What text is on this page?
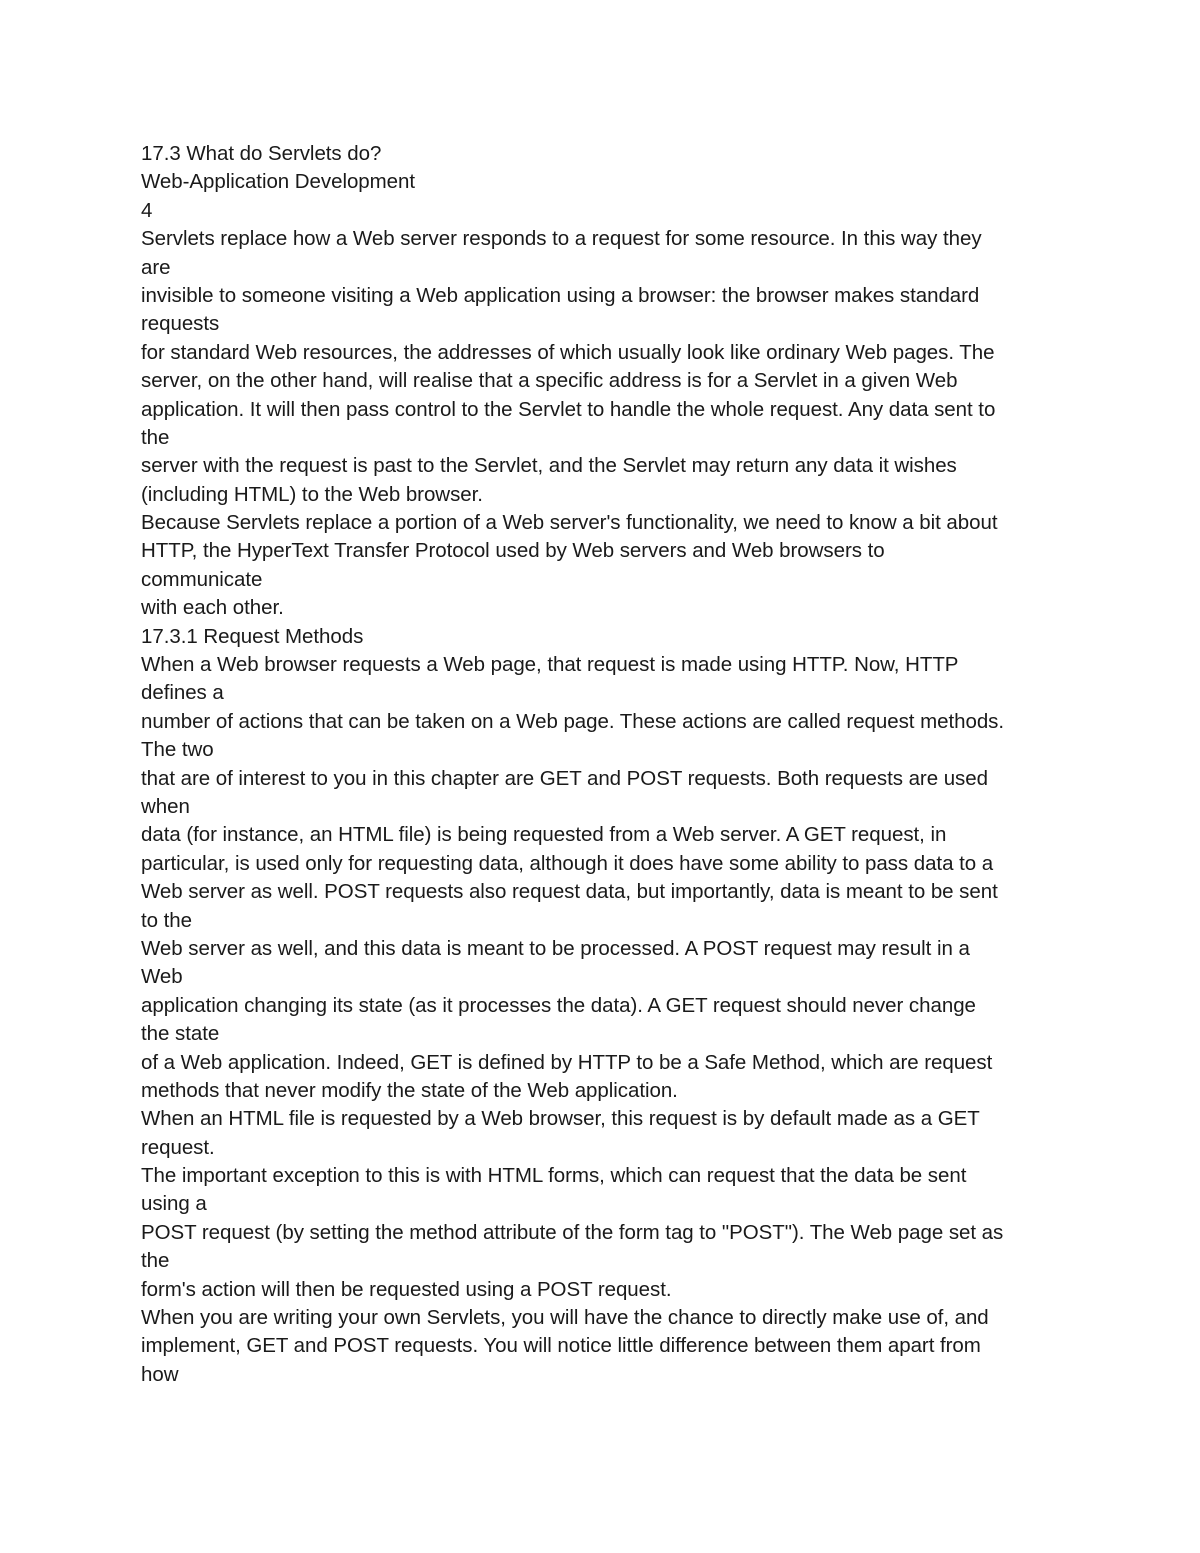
17.3 What do Servlets do?
Web-Application Development
4
Servlets replace how a Web server responds to a request for some resource. In this way they
are
invisible to someone visiting a Web application using a browser: the browser makes standard
requests
for standard Web resources, the addresses of which usually look like ordinary Web pages. The
server, on the other hand, will realise that a specific address is for a Servlet in a given Web
application. It will then pass control to the Servlet to handle the whole request. Any data sent to
the
server with the request is past to the Servlet, and the Servlet may return any data it wishes
(including HTML) to the Web browser.
Because Servlets replace a portion of a Web server's functionality, we need to know a bit about
HTTP, the HyperText Transfer Protocol used by Web servers and Web browsers to
communicate
with each other.
17.3.1 Request Methods
When a Web browser requests a Web page, that request is made using HTTP. Now, HTTP
defines a
number of actions that can be taken on a Web page. These actions are called request methods.
The two
that are of interest to you in this chapter are GET and POST requests. Both requests are used
when
data (for instance, an HTML file) is being requested from a Web server. A GET request, in
particular, is used only for requesting data, although it does have some ability to pass data to a
Web server as well. POST requests also request data, but importantly, data is meant to be sent
to the
Web server as well, and this data is meant to be processed. A POST request may result in a
Web
application changing its state (as it processes the data). A GET request should never change
the state
of a Web application. Indeed, GET is defined by HTTP to be a Safe Method, which are request
methods that never modify the state of the Web application.
When an HTML file is requested by a Web browser, this request is by default made as a GET
request.
The important exception to this is with HTML forms, which can request that the data be sent
using a
POST request (by setting the method attribute of the form tag to "POST"). The Web page set as
the
form's action will then be requested using a POST request.
When you are writing your own Servlets, you will have the chance to directly make use of, and
implement, GET and POST requests. You will notice little difference between them apart from
how
